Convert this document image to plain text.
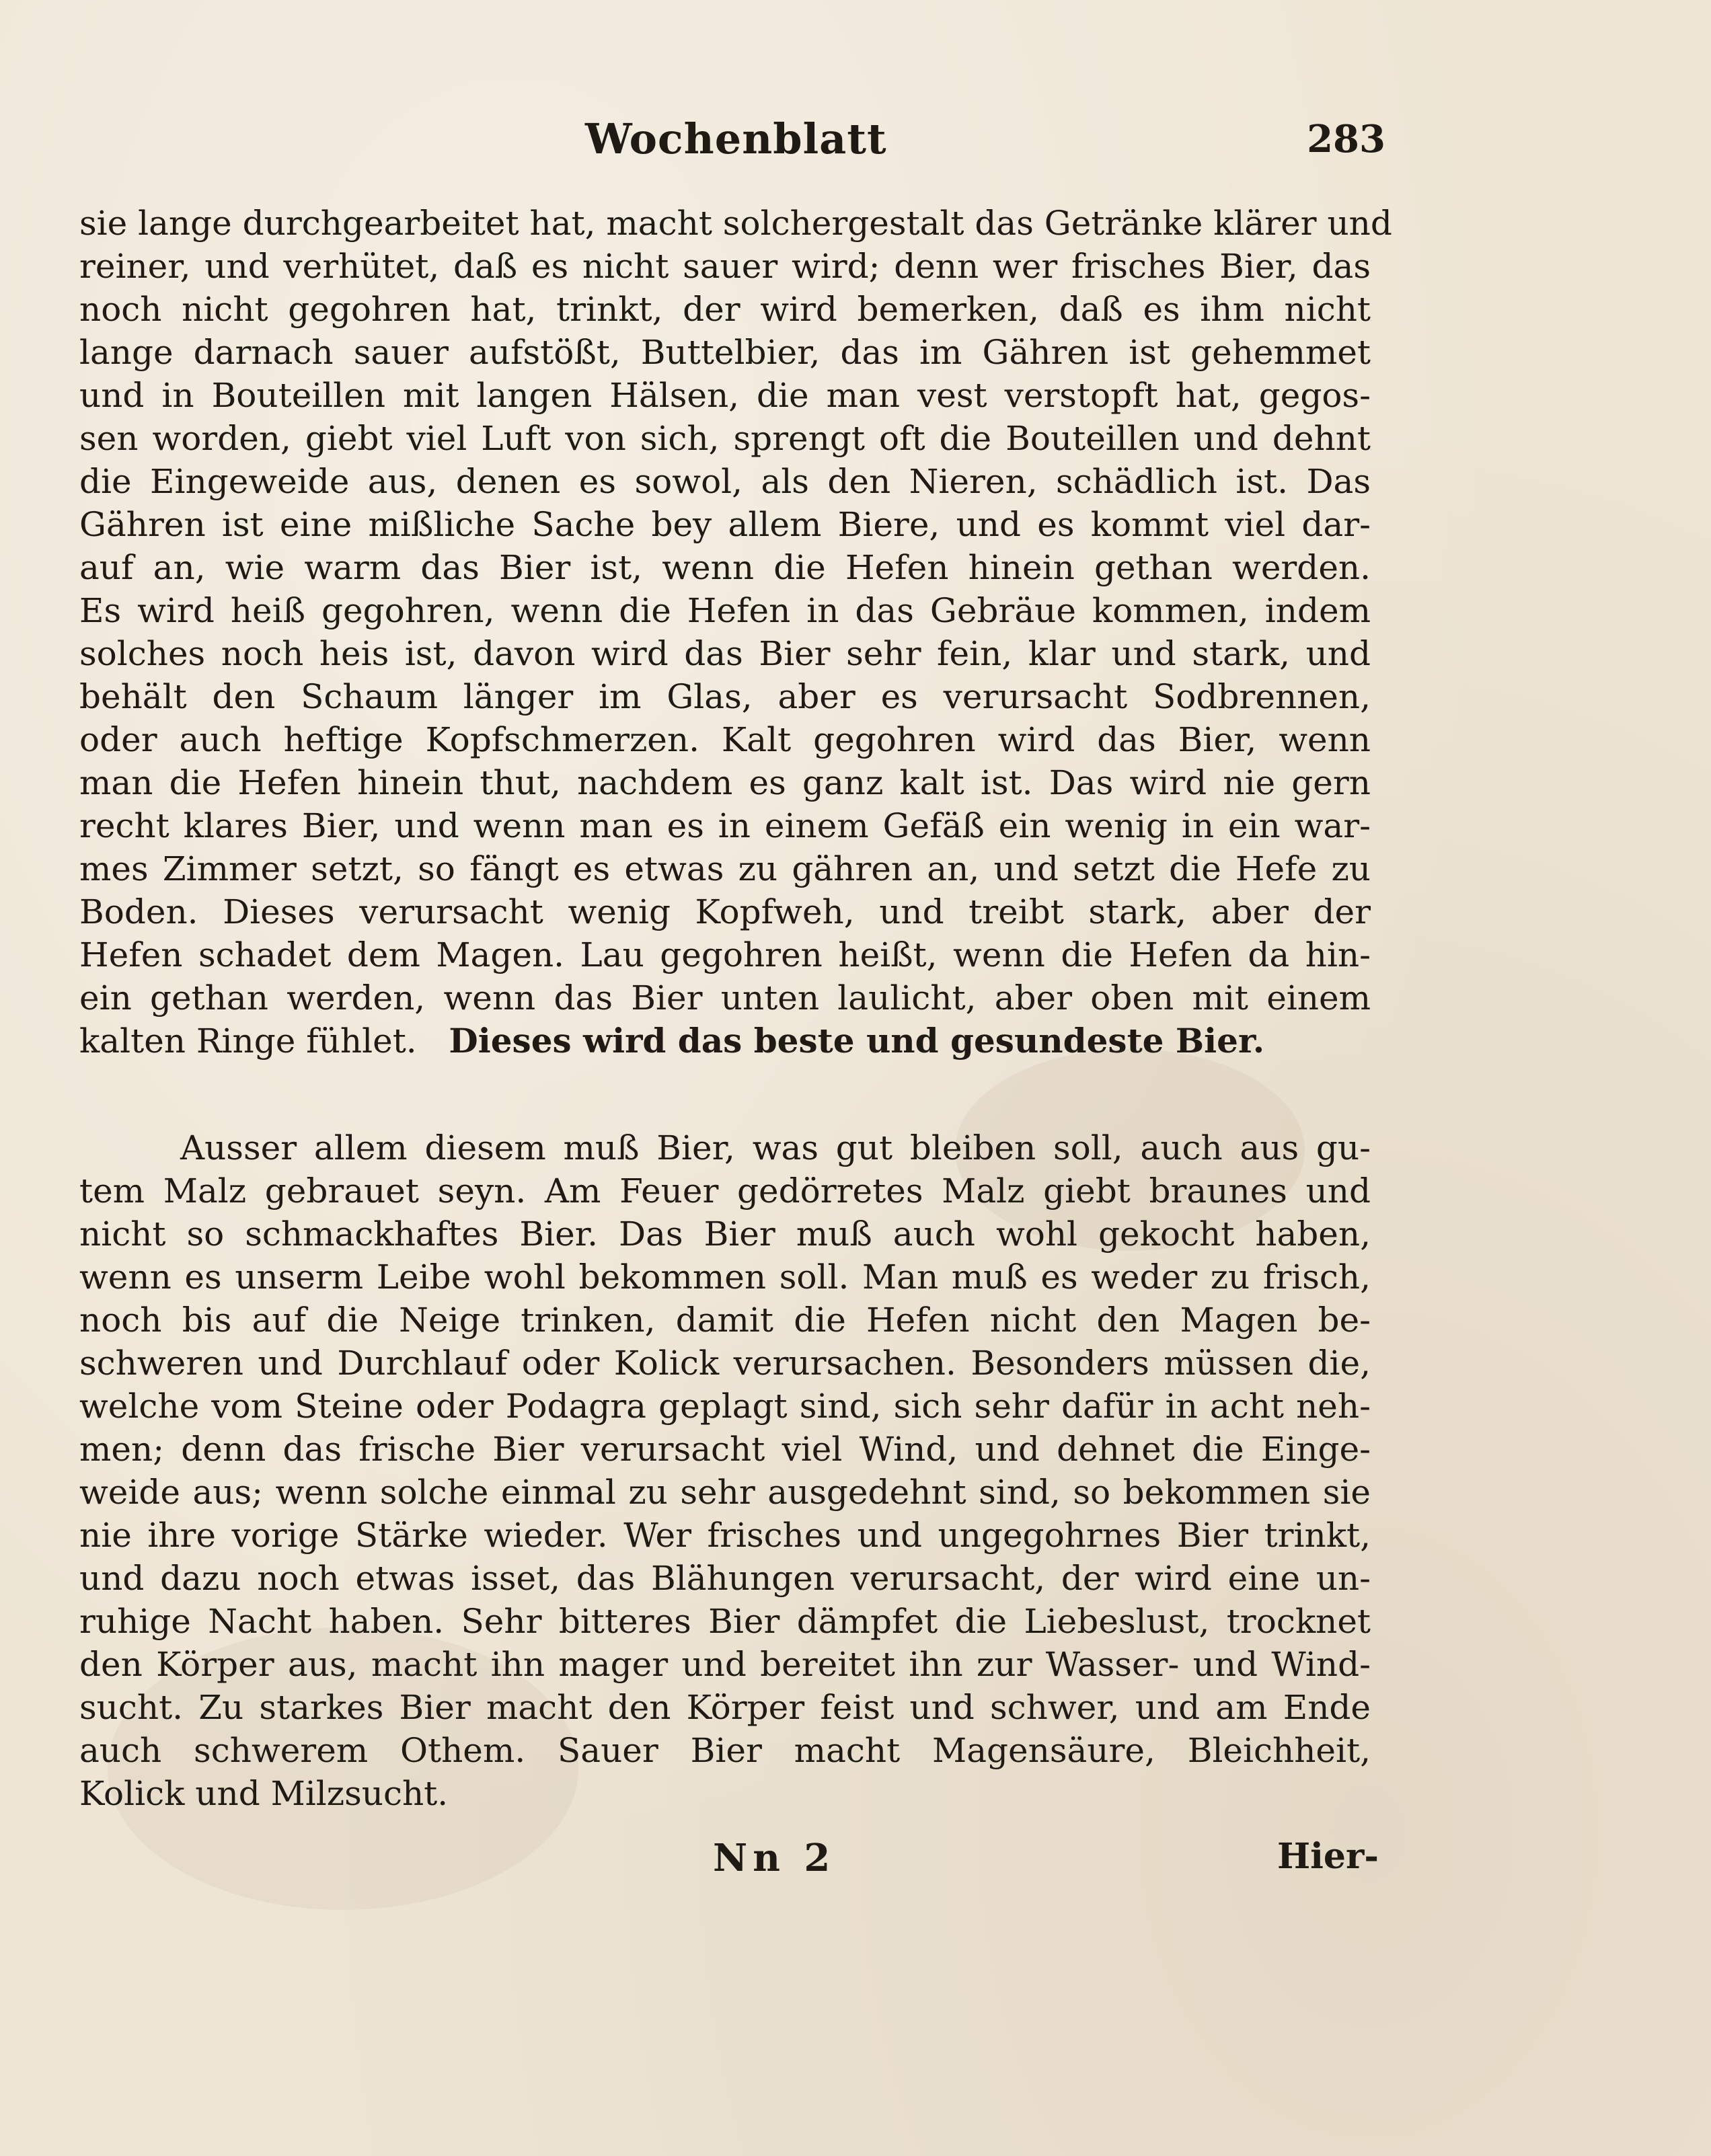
Wochenblatt	283
sie lange durchgearbeitet hat, macht solchergestalt das Getränke klärer und
reiner, und verhütet, daß es nicht sauer wird; denn wer frisches Bier, das
noch nicht gegohren hat, trinkt, der wird bemerken, daß es ihm nicht
lange darnach sauer aufstößt, Buttelbier, das im Gähren ist gehemmet
und in Bouteillen mit langen Hälsen, die man vest verstopft hat, gegos-
sen worden, giebt viel Luft von sich, sprengt oft die Bouteillen und dehnt
die Eingeweide aus, denen es sowol, als den Nieren, schädlich ist. Das
Gähren ist eine mißliche Sache bey allem Biere, und es kommt viel dar-
auf an, wie warm das Bier ist, wenn die Hefen hinein gethan werden.
Es wird heiß gegohren, wenn die Hefen in das Gebräue kommen, indem
solches noch heis ist, davon wird das Bier sehr fein, klar und stark, und
behält den Schaum länger im Glas, aber es verursacht Sodbrennen,
oder auch heftige Kopfschmerzen. Kalt gegohren wird das Bier, wenn
man die Hefen hinein thut, nachdem es ganz kalt ist. Das wird nie gern
recht klares Bier, und wenn man es in einem Gefäß ein wenig in ein war-
mes Zimmer setzt, so fängt es etwas zu gähren an, und setzt die Hefe zu
Boden. Dieses verursacht wenig Kopfweh, und treibt stark, aber der
Hefen schadet dem Magen. Lau gegohren heißt, wenn die Hefen da hin-
ein gethan werden, wenn das Bier unten laulicht, aber oben mit einem
kalten Ringe fühlet. Dieses wird das beste und gesundeste Bier.
Ausser allem diesem muß Bier, was gut bleiben soll, auch aus gu-
tem Malz gebrauet seyn. Am Feuer gedörretes Malz giebt braunes und
nicht so schmackhaftes Bier. Das Bier muß auch wohl gekocht haben,
wenn es unserm Leibe wohl bekommen soll. Man muß es weder zu frisch,
noch bis auf die Neige trinken, damit die Hefen nicht den Magen be-
schweren und Durchlauf oder Kolick verursachen. Besonders müssen die,
welche vom Steine oder Podagra geplagt sind, sich sehr dafür in acht neh-
men; denn das frische Bier verursacht viel Wind, und dehnet die Einge-
weide aus; wenn solche einmal zu sehr ausgedehnt sind, so bekommen sie
nie ihre vorige Stärke wieder. Wer frisches und ungegohrnes Bier trinkt,
und dazu noch etwas isset, das Blähungen verursacht, der wird eine un-
ruhige Nacht haben. Sehr bitteres Bier dämpfet die Liebeslust, trocknet
den Körper aus, macht ihn mager und bereitet ihn zur Wasser- und Wind-
sucht. Zu starkes Bier macht den Körper feist und schwer, und am Ende
auch schwerem Othem. Sauer Bier macht Magensäure, Bleichheit,
Kolick und Milzsucht.
Nn 2	Hier-
